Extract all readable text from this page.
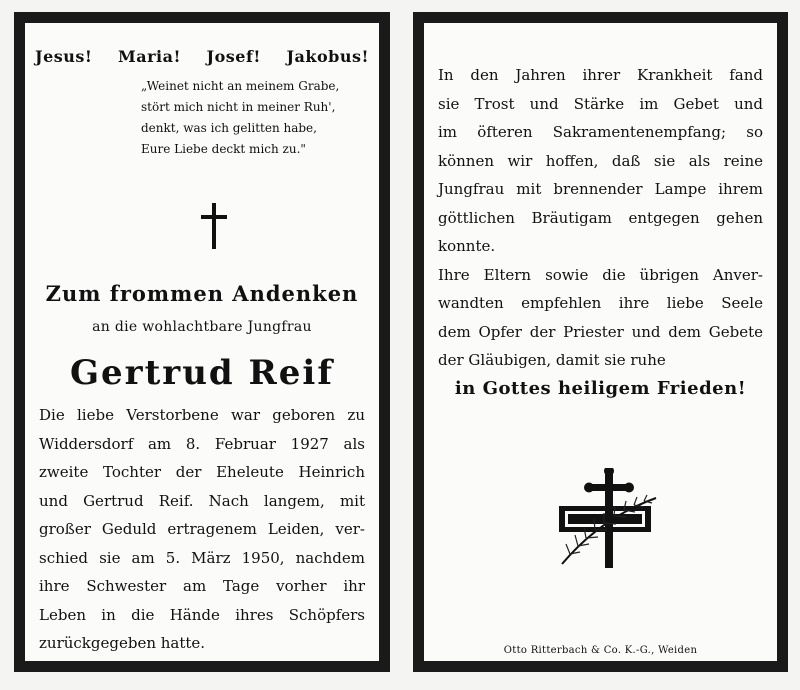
Jesus! Maria! Josef! Jakobus!
„Weinet nicht an meinem Grabe,
stört mich nicht in meiner Ruh',
denkt, was ich gelitten habe,
Eure Liebe deckt mich zu."
Zum frommen Andenken
an die wohlachtbare Jungfrau
Gertrud Reif
Die liebe Verstorbene war geboren zu
Widdersdorf am 8. Februar 1927 als
zweite Tochter der Eheleute Heinrich
und Gertrud Reif. Nach langem, mit
großer Geduld ertragenem Leiden, ver-
schied sie am 5. März 1950, nachdem
ihre Schwester am Tage vorher ihr
Leben in die Hände ihres Schöpfers
zurückgegeben hatte.
In den Jahren ihrer Krankheit fand
sie Trost und Stärke im Gebet und
im öfteren Sakramentenempfang; so
können wir hoffen, daß sie als reine
Jungfrau mit brennender Lampe ihrem
göttlichen Bräutigam entgegen gehen
konnte.
Ihre Eltern sowie die übrigen Anver-
wandten empfehlen ihre liebe Seele
dem Opfer der Priester und dem Gebete
der Gläubigen, damit sie ruhe
in Gottes heiligem Frieden!
Otto Ritterbach & Co. K.-G., Weiden
